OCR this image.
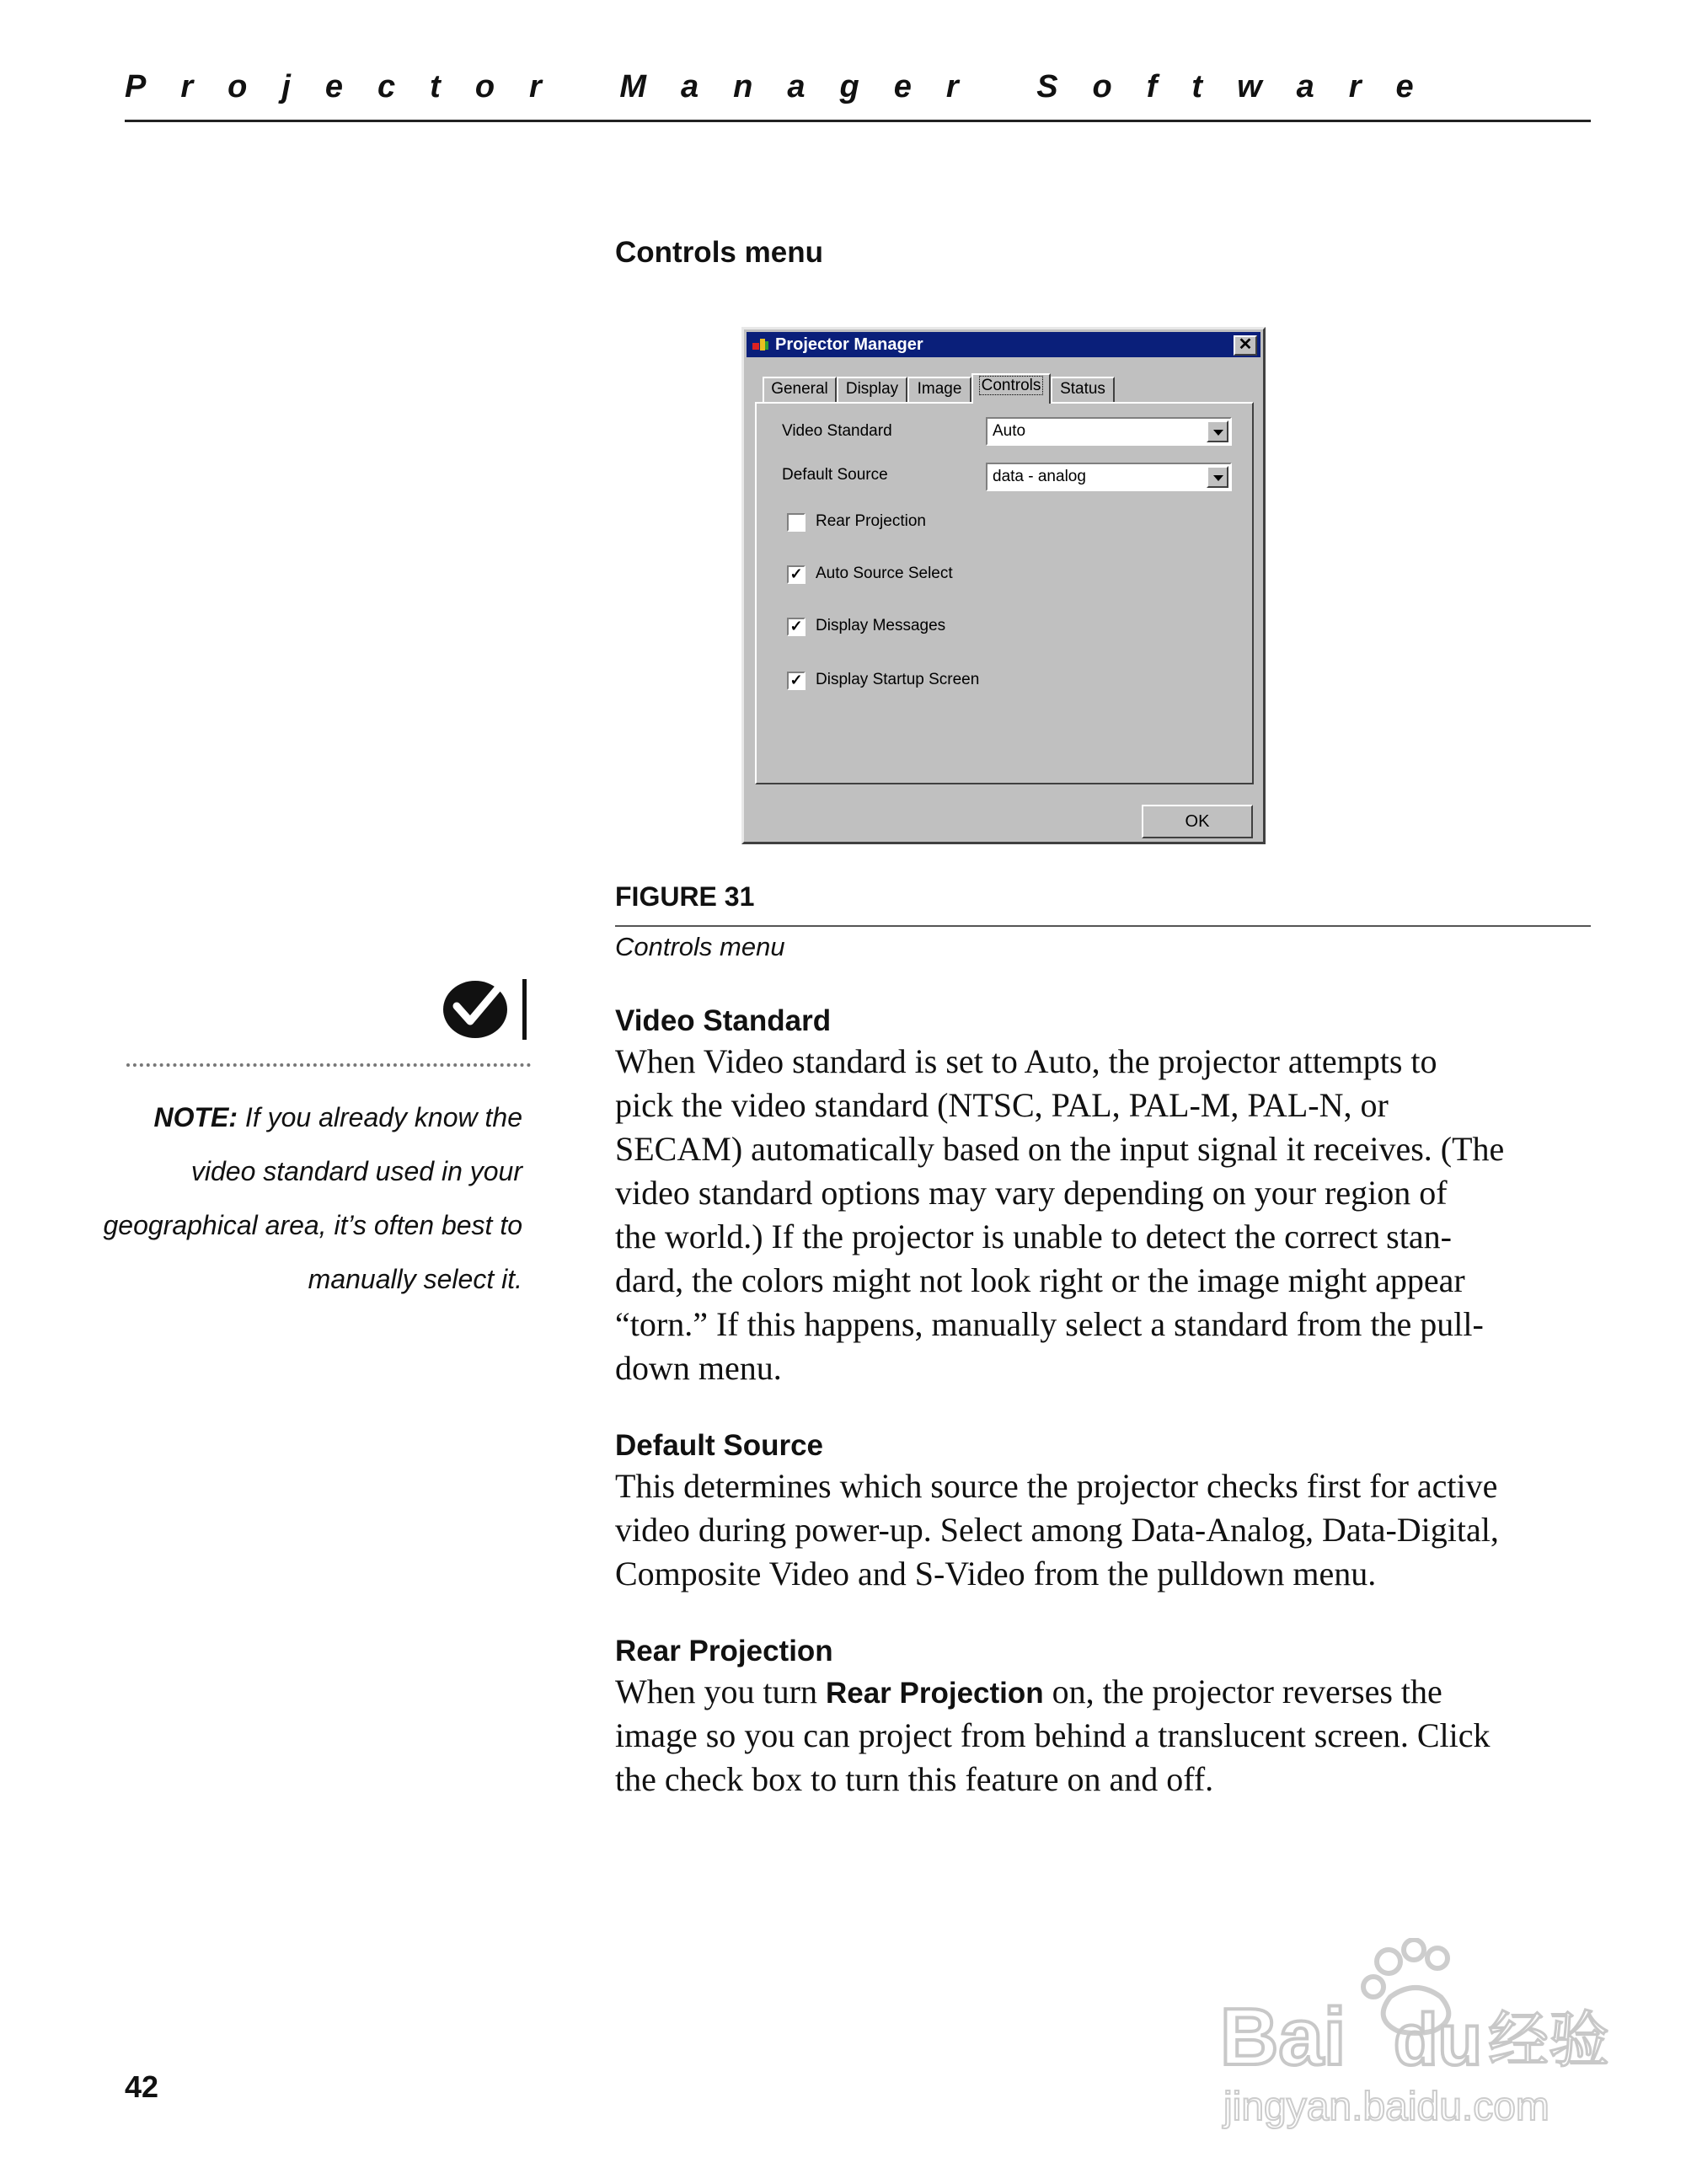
Projector Manager Software
Controls menu
Projector Manager	✕
General	Display	Image	Controls	Status
Video Standard	Auto
Default Source	data - analog
Rear Projection
✓ Auto Source Select
✓ Display Messages
✓ Display Startup Screen
OK
FIGURE 31
Controls menu
NOTE: If you already know the
video standard used in your
geographical area, it’s often best to
manually select it.
Video Standard
When Video standard is set to Auto, the projector attempts to
pick the video standard (NTSC, PAL, PAL-M, PAL-N, or
SECAM) automatically based on the input signal it receives. (The
video standard options may vary depending on your region of
the world.) If the projector is unable to detect the correct stan-
dard, the colors might not look right or the image might appear
“torn.” If this happens, manually select a standard from the pull-
down menu.
Default Source
This determines which source the projector checks first for active
video during power-up. Select among Data-Analog, Data-Digital,
Composite Video and S-Video from the pulldown menu.
Rear Projection
When you turn Rear Projection on, the projector reverses the
image so you can project from behind a translucent screen. Click
the check box to turn this feature on and off.
42
Bai du 经验
jingyan.baidu.com
